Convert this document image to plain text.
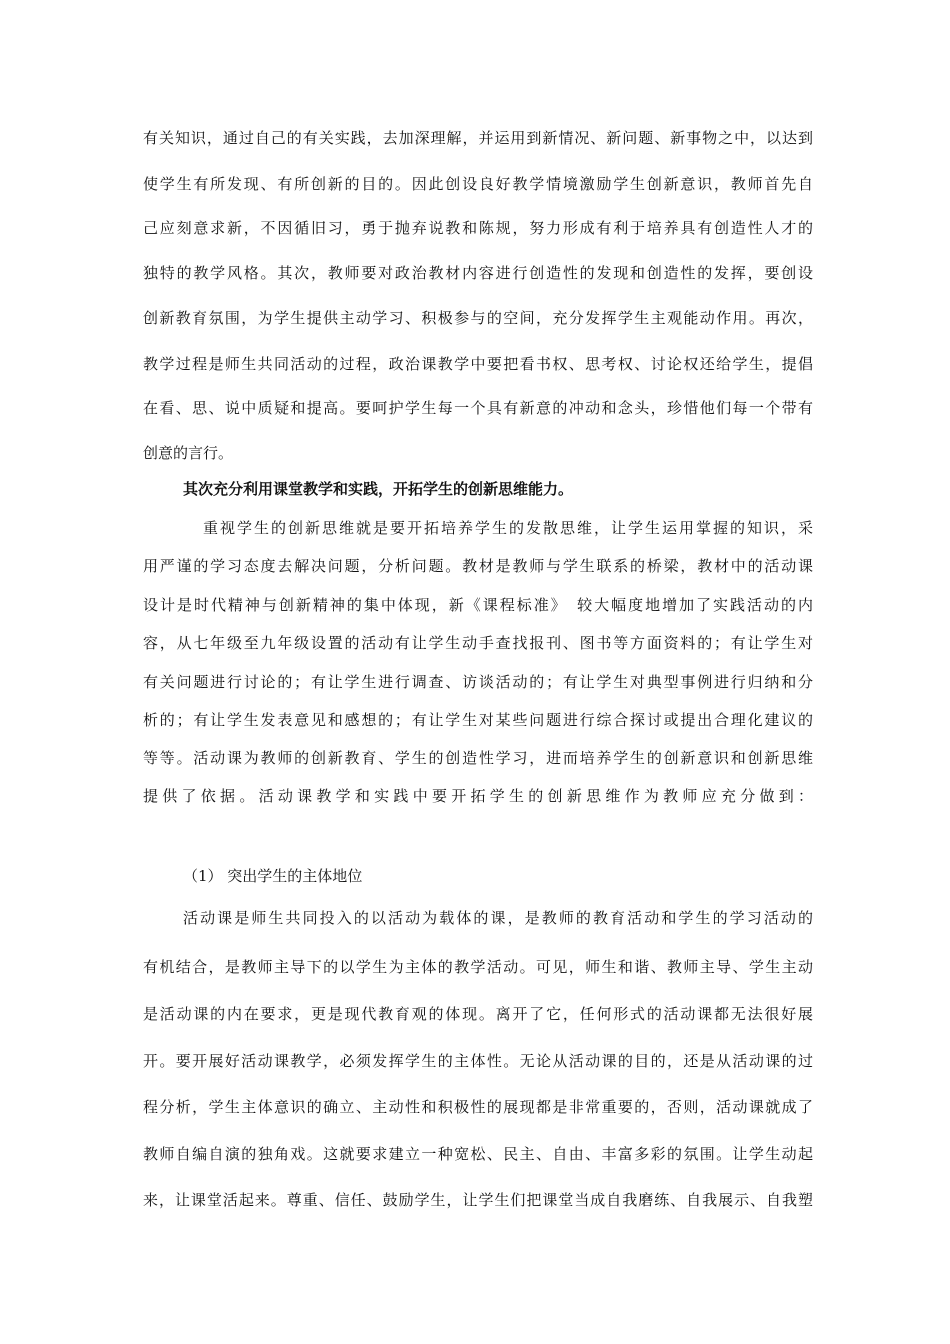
有关知识，通过自己的有关实践，去加深理解，并运用到新情况、新问题、新事物之中，以达到
使学生有所发现、有所创新的目的。因此创设良好教学情境激励学生创新意识，教师首先自
己应刻意求新，不因循旧习，勇于抛弃说教和陈规，努力形成有利于培养具有创造性人才的
独特的教学风格。其次，教师要对政治教材内容进行创造性的发现和创造性的发挥，要创设
创新教育氛围，为学生提供主动学习、积极参与的空间，充分发挥学生主观能动作用。再次，
教学过程是师生共同活动的过程，政治课教学中要把看书权、思考权、讨论权还给学生，提倡
在看、思、说中质疑和提高。要呵护学生每一个具有新意的冲动和念头，珍惜他们每一个带有
创意的言行。
其次充分利用课堂教学和实践，开拓学生的创新思维能力。
重视学生的创新思维就是要开拓培养学生的发散思维，让学生运用掌握的知识，采
用严谨的学习态度去解决问题，分析问题。教材是教师与学生联系的桥梁，教材中的活动课
设计是时代精神与创新精神的集中体现，新《课程标准》　较大幅度地增加了实践活动的内
容，从七年级至九年级设置的活动有让学生动手查找报刊、图书等方面资料的；有让学生对
有关问题进行讨论的；有让学生进行调查、访谈活动的；有让学生对典型事例进行归纳和分
析的；有让学生发表意见和感想的；有让学生对某些问题进行综合探讨或提出合理化建议的
等等。活动课为教师的创新教育、学生的创造性学习，进而培养学生的创新意识和创新思维
提供了依据。活动课教学和实践中要开拓学生的创新思维作为教师应充分做到：
（1） 突出学生的主体地位
活动课是师生共同投入的以活动为载体的课，是教师的教育活动和学生的学习活动的
有机结合，是教师主导下的以学生为主体的教学活动。可见，师生和谐、教师主导、学生主动
是活动课的内在要求，更是现代教育观的体现。离开了它，任何形式的活动课都无法很好展
开。要开展好活动课教学，必须发挥学生的主体性。无论从活动课的目的，还是从活动课的过
程分析，学生主体意识的确立、主动性和积极性的展现都是非常重要的，否则，活动课就成了
教师自编自演的独角戏。这就要求建立一种宽松、民主、自由、丰富多彩的氛围。让学生动起
来，让课堂活起来。尊重、信任、鼓励学生，让学生们把课堂当成自我磨练、自我展示、自我塑
